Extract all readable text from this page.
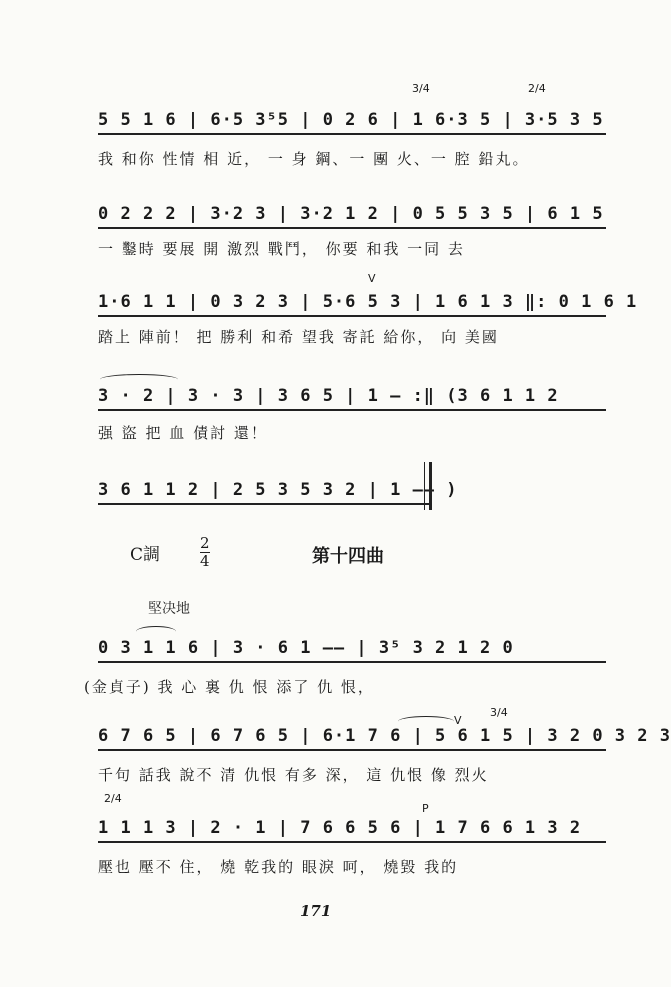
3/4	2/4
5 5 1 6 | 6·5 3⁵5 | 0 2 6 | 1 6·3 5 | 3·5 3 5
我 和你 性情 相 近， 一 身 鋼、一 團 火、一 腔 鉛丸。
0 2 2 2 | 3·2 3 | 3·2 1 2 | 0 5 5 3 5 | 6 1 5
一 鑿時 要展 開 激烈 戰鬥， 你要 和我 一同 去
V
1·6 1 1 | 0 3 2 3 | 5·6 5 3 | 1 6 1 3 ‖: 0 1 6 1
踏上 陣前！ 把 勝利 和希 望我 寄託 給你， 向 美國
3 · 2 | 3 · 3 | 3 6 5 | 1 — :‖ (3 6 1 1 2
强 盜 把 血 債討 還！
3 6 1 1 2 | 2 5 3 5 3 2 | 1 —— )
C調
2
4	第十四曲
堅决地
0 3 1 1 6 | 3 · 6 1 —— | 3⁵ 3 2 1 2 0
(金貞子) 我 心 裏 仇 恨 添了 仇 恨，
3/4
V
6 7 6 5 | 6 7 6 5 | 6·1 7 6 | 5 6 1 5 | 3 2 0 3 2 3
千句 話我 說不 清 仇恨 有多 深， 這 仇恨 像 烈火
2/4
P
1 1 1 3 | 2 · 1 | 7 6 6 5 6 | 1 7 6 6 1 3 2
壓也 壓不 住， 燒 乾我的 眼淚 呵， 燒毀 我的
171
